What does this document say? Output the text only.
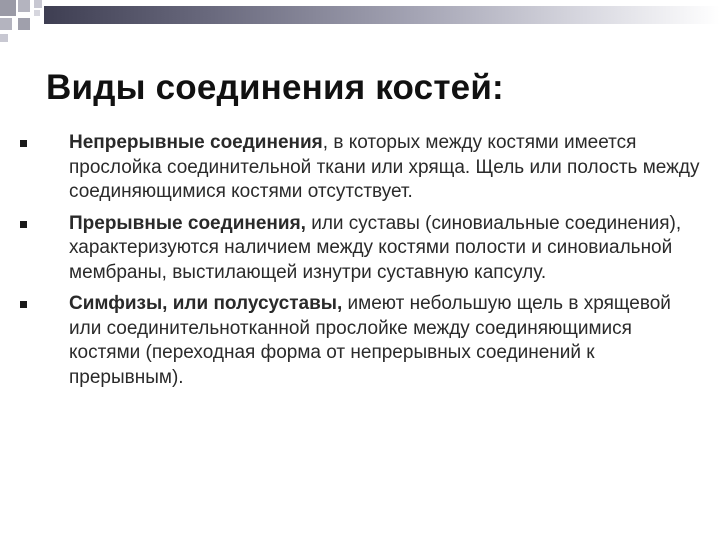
Виды соединения костей:
Непрерывные соединения, в которых между костями имеется прослойка соединительной ткани или хряща. Щель или полость между соединяющимися костями отсутствует.
Прерывные соединения, или суставы (синовиальные соединения), характеризуются наличием между костями полости и синовиальной мембраны, выстилающей изнутри суставную капсулу.
Симфизы, или полусуставы, имеют небольшую щель в хрящевой или соединительнотканной прослойке между соединяющимися костями (переходная форма от непрерывных соединений к прерывным).
